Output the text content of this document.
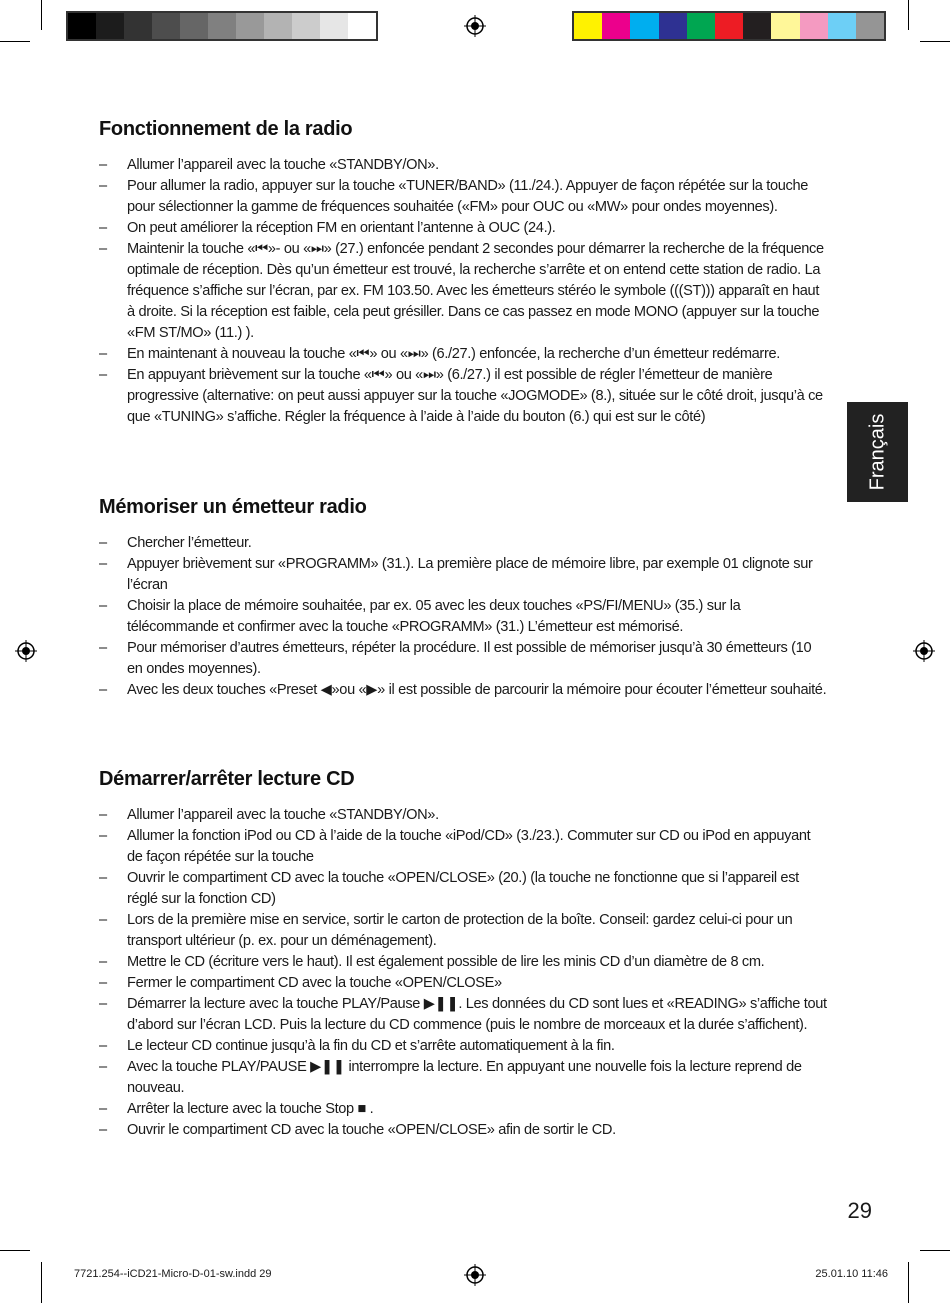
Français
Fonctionnement de la radio
– Allumer l’appareil avec la touche «STANDBY/ON».
– Pour allumer la radio, appuyer sur la touche «TUNER/BAND» (11./24.). Appuyer de façon répétée sur la touche pour sélectionner la gamme de fréquences souhaitée («FM» pour OUC ou «MW» pour ondes moyennes).
– On peut améliorer la réception FM en orientant l’antenne à OUC (24.).
– Maintenir la touche «⏮»- ou «⏭» (27.) enfoncée pendant 2 secondes pour démarrer la recherche de la fréquence optimale de réception. Dès qu’un émetteur est trouvé, la recherche s’arrête et on entend cette station de radio. La fréquence s’affiche sur l’écran, par ex. FM 103.50. Avec les émetteurs stéréo le symbole (((ST))) apparaît en haut à droite. Si la réception est faible, cela peut grésiller. Dans ce cas passez en mode MONO (appuyer sur la touche «FM ST/MO» (11.) ).
– En maintenant à nouveau la touche «⏮» ou «⏭» (6./27.) enfoncée, la recherche d’un émetteur redémarre.
– En appuyant brièvement sur la touche «⏮» ou «⏭» (6./27.) il est possible de régler l’émetteur de manière progressive (alternative: on peut aussi appuyer sur la touche «JOGMODE» (8.), située sur le côté droit, jusqu’à ce que «TUNING» s’affiche. Régler la fréquence à l’aide à l’aide du bouton (6.) qui est sur le côté)
Mémoriser un émetteur radio
– Chercher l’émetteur.
– Appuyer brièvement sur «PROGRAMM» (31.). La première place de mémoire libre, par exemple 01 clignote sur l’écran
– Choisir la place de mémoire souhaitée, par ex. 05 avec les deux touches «PS/FI/MENU» (35.) sur la télécommande et confirmer avec la touche «PROGRAMM» (31.) L’émetteur est mémorisé.
– Pour mémoriser d’autres émetteurs, répéter la procédure. Il est possible de mémoriser jusqu’à 30 émetteurs (10 en ondes moyennes).
– Avec les deux touches «Preset ◀»ou «▶» il est possible de parcourir la mémoire pour écouter l’émetteur souhaité.
Démarrer/arrêter lecture CD
– Allumer l’appareil avec la touche «STANDBY/ON».
– Allumer la fonction iPod ou CD à l’aide de la touche «iPod/CD» (3./23.). Commuter sur CD ou iPod en appuyant de façon répétée sur la touche
– Ouvrir le compartiment CD avec la touche «OPEN/CLOSE» (20.) (la touche ne fonctionne que si l’appareil est réglé sur la fonction CD)
– Lors de la première mise en service, sortir le carton de protection de la boîte. Conseil: gardez celui-ci pour un transport ultérieur (p. ex. pour un déménagement).
– Mettre le CD (écriture vers le haut). Il est également possible de lire les minis CD d’un diamètre de 8 cm.
– Fermer le compartiment CD avec la touche «OPEN/CLOSE»
– Démarrer la lecture avec la touche PLAY/Pause ▶❚❚. Les données du CD sont lues et «READING» s’affiche tout d’abord sur l’écran LCD. Puis la lecture du CD commence (puis le nombre de morceaux et la durée s’affichent).
– Le lecteur CD continue jusqu’à la fin du CD et s’arrête automatiquement à la fin.
– Avec la touche PLAY/PAUSE ▶❚❚ interrompre la lecture. En appuyant une nouvelle fois la lecture reprend de nouveau.
– Arrêter la lecture avec la touche Stop ■ .
– Ouvrir le compartiment CD avec la touche «OPEN/CLOSE» afin de sortir le CD.
29
7721.254--iCD21-Micro-D-01-sw.indd 29	25.01.10 11:46
